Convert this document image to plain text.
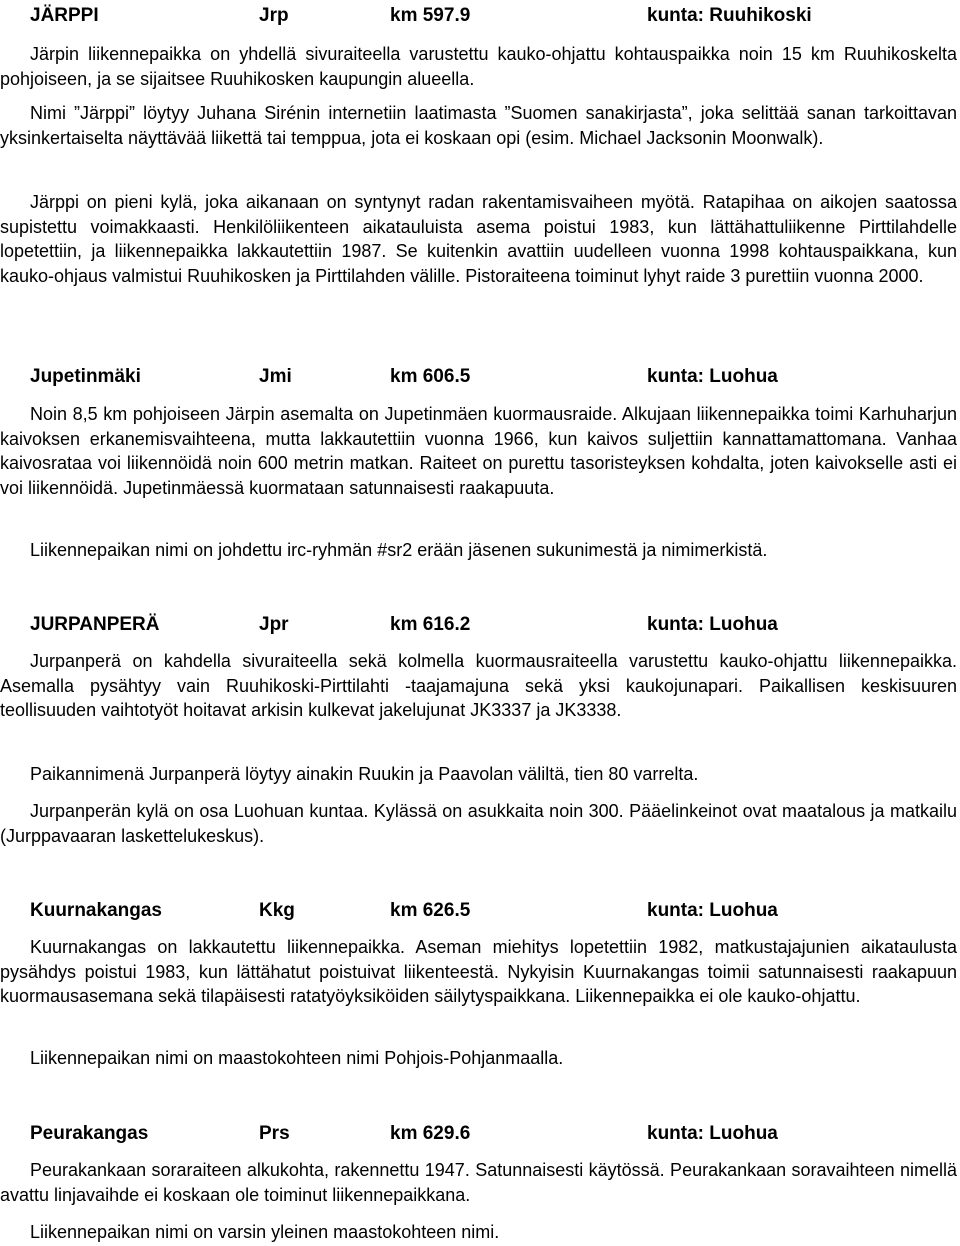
JÄRPPI	Jrp	km 597.9	kunta: Ruuhikoski

Järpin liikennepaikka on yhdellä sivuraiteella varustettu kauko-ohjattu kohtauspaikka noin 15 km Ruuhikoskelta pohjoiseen, ja se sijaitsee Ruuhikosken kaupungin alueella.

Nimi ”Järppi” löytyy Juhana Sirénin internetiin laatimasta ”Suomen sanakirjasta”, joka selittää sanan tarkoittavan yksinkertaiselta näyttävää liikettä tai temppua, jota ei koskaan opi (esim. Michael Jacksonin Moonwalk).

Järppi on pieni kylä, joka aikanaan on syntynyt radan rakentamisvaiheen myötä. Ratapihaa on aikojen saatossa supistettu voimakkaasti. Henkilöliikenteen aikatauluista asema poistui 1983, kun lättähattuliikenne Pirttilahdelle lopetettiin, ja liikennepaikka lakkautettiin 1987. Se kuitenkin avattiin uudelleen vuonna 1998 kohtauspaikkana, kun kauko-ohjaus valmistui Ruuhikosken ja Pirttilahden välille. Pistoraiteena toiminut lyhyt raide 3 purettiin vuonna 2000.

Jupetinmäki	Jmi	km 606.5	kunta: Luohua

Noin 8,5 km pohjoiseen Järpin asemalta on Jupetinmäen kuormausraide. Alkujaan liikennepaikka toimi Karhuharjun kaivoksen erkanemisvaihteena, mutta lakkautettiin vuonna 1966, kun kaivos suljettiin kannattamattomana. Vanhaa kaivosrataa voi liikennöidä noin 600 metrin matkan. Raiteet on purettu tasoristeyksen kohdalta, joten kaivokselle asti ei voi liikennöidä. Jupetinmäessä kuormataan satunnaisesti raakapuuta.

Liikennepaikan nimi on johdettu irc-ryhmän #sr2 erään jäsenen sukunimestä ja nimimerkistä.

JURPANPERÄ	Jpr	km 616.2	kunta: Luohua

Jurpanperä on kahdella sivuraiteella sekä kolmella kuormausraiteella varustettu kauko-ohjattu liikennepaikka. Asemalla pysähtyy vain Ruuhikoski-Pirttilahti -taajamajuna sekä yksi kaukojunapari. Paikallisen keskisuuren teollisuuden vaihtotyöt hoitavat arkisin kulkevat jakelujunat JK3337 ja JK3338.

Paikannimenä Jurpanperä löytyy ainakin Ruukin ja Paavolan väliltä, tien 80 varrelta.

Jurpanperän kylä on osa Luohuan kuntaa. Kylässä on asukkaita noin 300. Pääelinkeinot ovat maatalous ja matkailu (Jurppavaaran laskettelukeskus).

Kuurnakangas	Kkg	km 626.5	kunta: Luohua

Kuurnakangas on lakkautettu liikennepaikka. Aseman miehitys lopetettiin 1982, matkustajajunien aikataulusta pysähdys poistui 1983, kun lättähatut poistuivat liikenteestä. Nykyisin Kuurnakangas toimii satunnaisesti raakapuun kuormausasemana sekä tilapäisesti ratatyöyksiköiden säilytyspaikkana. Liikennepaikka ei ole kauko-ohjattu.

Liikennepaikan nimi on maastokohteen nimi Pohjois-Pohjanmaalla.

Peurakangas	Prs	km 629.6	kunta: Luohua

Peurakankaan soraraiteen alkukohta, rakennettu 1947. Satunnaisesti käytössä. Peurakankaan soravaihteen nimellä avattu linjavaihde ei koskaan ole toiminut liikennepaikkana.

Liikennepaikan nimi on varsin yleinen maastokohteen nimi.
